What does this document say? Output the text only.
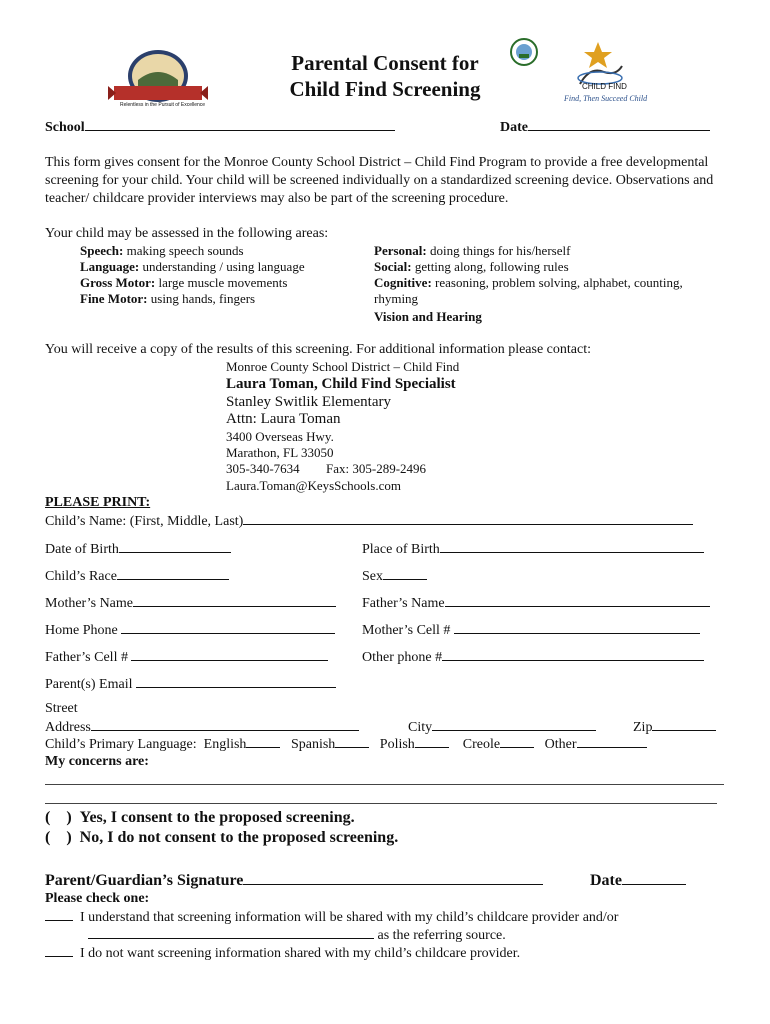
Relentless in the Pursuit of Excellence
Parental Consent for
Child Find Screening	CHILD FIND
Find, Then Succeed Child
School	Date
This form gives consent for the Monroe County School District – Child Find Program to provide a free developmental screening for your child. Your child will be screened individually on a standardized screening device. Observations and teacher/ childcare provider interviews may also be part of the screening procedure.
Your child may be assessed in the following areas:
Speech: making speech sounds
Language: understanding / using language
Gross Motor: large muscle movements
Fine Motor: using hands, fingers
Personal: doing things for his/herself
Social: getting along, following rules
Cognitive: reasoning, problem solving, alphabet, counting,
rhyming
Vision and Hearing
You will receive a copy of the results of this screening. For additional information please contact:
Monroe County School District – Child Find
Laura Toman, Child Find Specialist
Stanley Switlik Elementary
Attn: Laura Toman
3400 Overseas Hwy.
Marathon, FL 33050
305-340-7634 Fax: 305-289-2496
Laura.Toman@KeysSchools.com
PLEASE PRINT:
Child’s Name: (First, Middle, Last)
Date of Birth	Place of Birth
Child’s Race	Sex
Mother’s Name	Father’s Name
Home Phone	Mother’s Cell #
Father’s Cell #	Other phone #
Parent(s) Email
Street
Address	City	Zip
Child’s Primary Language: English	Spanish	Polish	Creole	Other
My concerns are:
( ) Yes, I consent to the proposed screening.
( ) No, I do not consent to the proposed screening.
Parent/Guardian’s Signature	Date
Please check one:
I understand that screening information will be shared with my child’s childcare provider and/or
as the referring source.
I do not want screening information shared with my child’s childcare provider.
